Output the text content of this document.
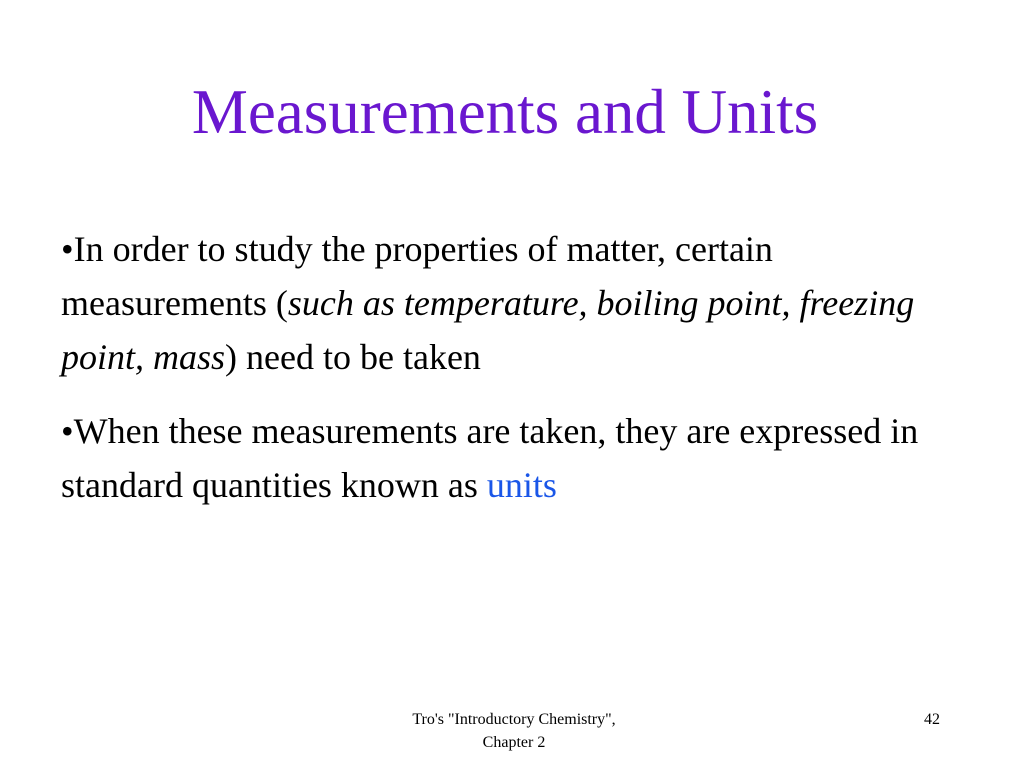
Measurements and Units

•In order to study the properties of matter, certain measurements (such as temperature, boiling point, freezing point, mass) need to be taken

•When these measurements are taken, they are expressed in standard quantities known as units

Tro's "Introductory Chemistry",
Chapter 2
42
